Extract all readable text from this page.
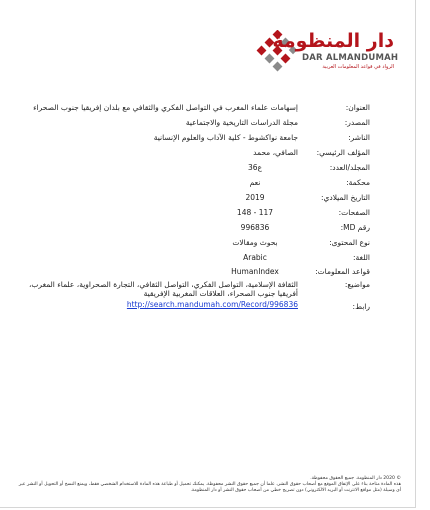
دار المنظومة
DAR ALMANDUMAH
الرواد في قواعد المعلومات العربية
العنوان:
إسهامات علماء المغرب في التواصل الفكري والثقافي مع بلدان إفريقيا جنوب الصحراء
المصدر:
مجلة الدراسات التاريخية والاجتماعية
الناشر:
جامعة نواكشوط - كلية الآداب والعلوم الإنسانية
المؤلف الرئيسي:
الصافي، محمد
المجلد/العدد:
ع36
محكمة:
نعم
التاريخ الميلادي:
2019
الصفحات:
117 - 148
رقم MD:
996836
نوع المحتوى:
بحوث ومقالات
اللغة:
Arabic
قواعد المعلومات:
HumanIndex
مواضيع:
الثقافة الإسلامية، التواصل الفكري، التواصل الثقافي، التجارة الصحراوية، علماء المغرب، أفريقيا جنوب الصحراء، العلاقات المغربية الإفريقية
رابط:
http://search.mandumah.com/Record/996836
© 2020 دار المنظومة. جميع الحقوق محفوظة.
هذه المادة متاحة بناء على الإتفاق الموقع مع أصحاب حقوق النشر، علما أن جميع حقوق النشر محفوظة. يمكنك تحميل أو طباعة هذه المادة للاستخدام الشخصي فقط، ويمنع النسخ أو التحويل أو النشر عبر أي وسيلة (مثل مواقع الانترنت أو البريد الالكتروني) دون تصريح خطي من أصحاب حقوق النشر أو دار المنظومة.
